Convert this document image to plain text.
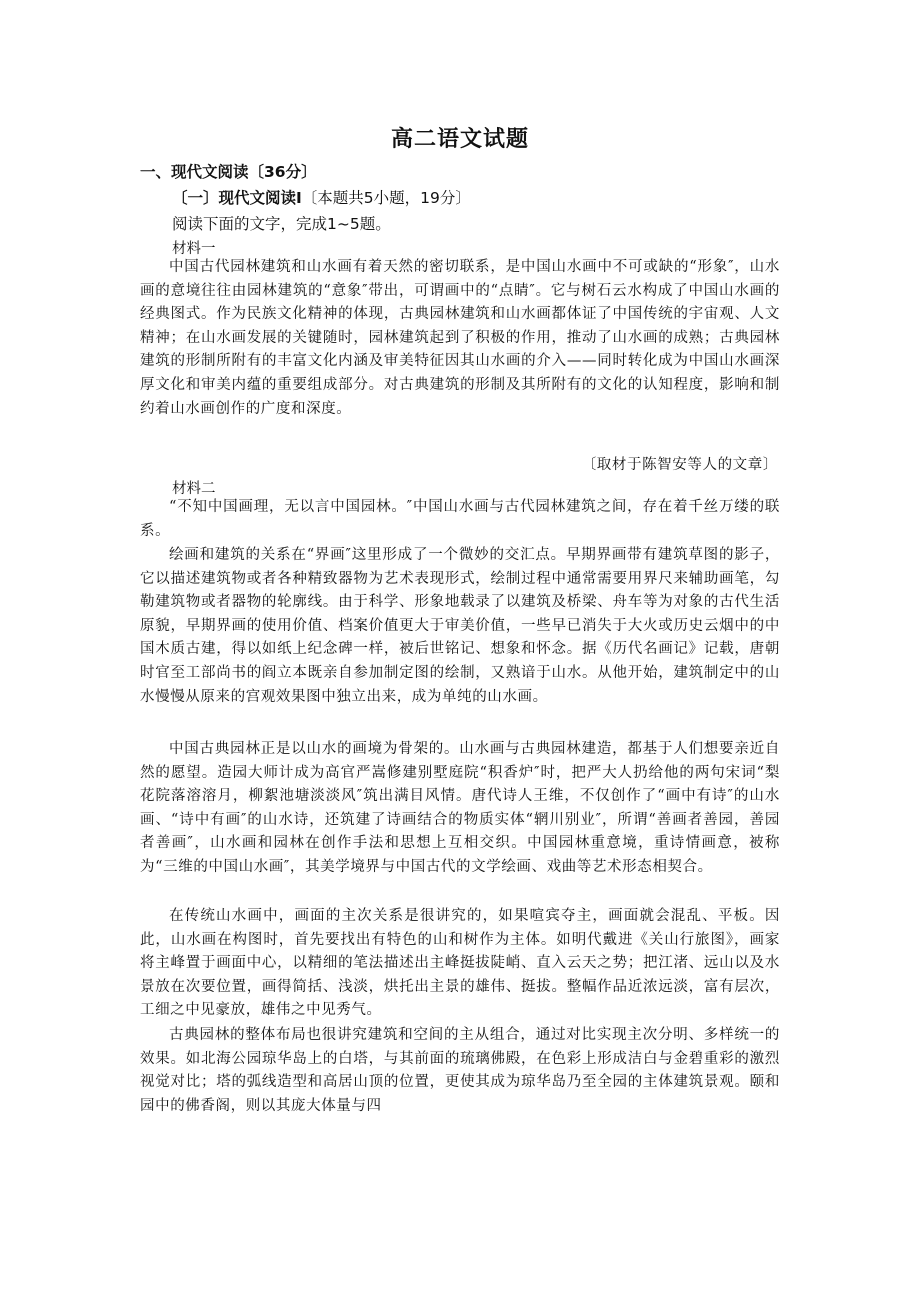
高二语文试题
一、现代文阅读〔36分〕
〔一〕现代文阅读Ⅰ〔本题共5小题，19分〕
阅读下面的文字，完成1~5题。
材料一

中国古代园林建筑和山水画有着天然的密切联系，是中国山水画中不可或缺的“形象″，山水画的意境往往由园林建筑的“意象″带出，可谓画中的“点睛″。它与树石云水构成了中国山水画的经典图式。作为民族文化精神的体现，古典园林建筑和山水画都体证了中国传统的宇宙观、人文精神；在山水画发展的关键随时，园林建筑起到了积极的作用，推动了山水画的成熟；古典园林建筑的形制所附有的丰富文化内涵及审美特征因其山水画的介入——同时转化成为中国山水画深厚文化和审美内蕴的重要组成部分。对古典建筑的形制及其所附有的文化的认知程度，影响和制约着山水画创作的广度和深度。

〔取材于陈智安等人的文章〕
材料二

“不知中国画理，无以言中国园林。″中国山水画与古代园林建筑之间，存在着千丝万缕的联系。

绘画和建筑的关系在“界画″这里形成了一个微妙的交汇点。早期界画带有建筑草图的影子，它以描述建筑物或者各种精致器物为艺术表现形式，绘制过程中通常需要用界尺来辅助画笔，勾勒建筑物或者器物的轮廓线。由于科学、形象地载录了以建筑及桥梁、舟车等为对象的古代生活原貌，早期界画的使用价值、档案价值更大于审美价值，一些早已消失于大火或历史云烟中的中国木质古建，得以如纸上纪念碑一样，被后世铭记、想象和怀念。据《历代名画记》记载，唐朝时官至工部尚书的阎立本既亲自参加制定图的绘制，又熟谙于山水。从他开始，建筑制定中的山水慢慢从原来的宫观效果图中独立出来，成为单纯的山水画。

中国古典园林正是以山水的画境为骨架的。山水画与古典园林建造，都基于人们想要亲近自然的愿望。造园大师计成为高官严嵩修建别墅庭院“积香炉″时，把严大人扔给他的两句宋词“梨花院落溶溶月，柳絮池塘淡淡风″筑出满目风情。唐代诗人王维，不仅创作了“画中有诗″的山水画、“诗中有画″的山水诗，还筑建了诗画结合的物质实体“辋川别业″，所谓“善画者善园，善园者善画″，山水画和园林在创作手法和思想上互相交织。中国园林重意境，重诗情画意，被称为“三维的中国山水画″，其美学境界与中国古代的文学绘画、戏曲等艺术形态相契合。

在传统山水画中，画面的主次关系是很讲究的，如果喧宾夺主，画面就会混乱、平板。因此，山水画在构图时，首先要找出有特色的山和树作为主体。如明代戴进《关山行旅图》，画家将主峰置于画面中心，以精细的笔法描述出主峰挺拔陡峭、直入云天之势；把江渚、远山以及水景放在次要位置，画得简括、浅淡，烘托出主景的雄伟、挺拔。整幅作品近浓远淡，富有层次，工细之中见豪放，雄伟之中见秀气。

古典园林的整体布局也很讲究建筑和空间的主从组合，通过对比实现主次分明、多样统一的效果。如北海公园琼华岛上的白塔，与其前面的琉璃佛殿，在色彩上形成洁白与金碧重彩的激烈视觉对比；塔的弧线造型和高居山顶的位置，更使其成为琼华岛乃至全园的主体建筑景观。颐和园中的佛香阁，则以其庞大体量与四
